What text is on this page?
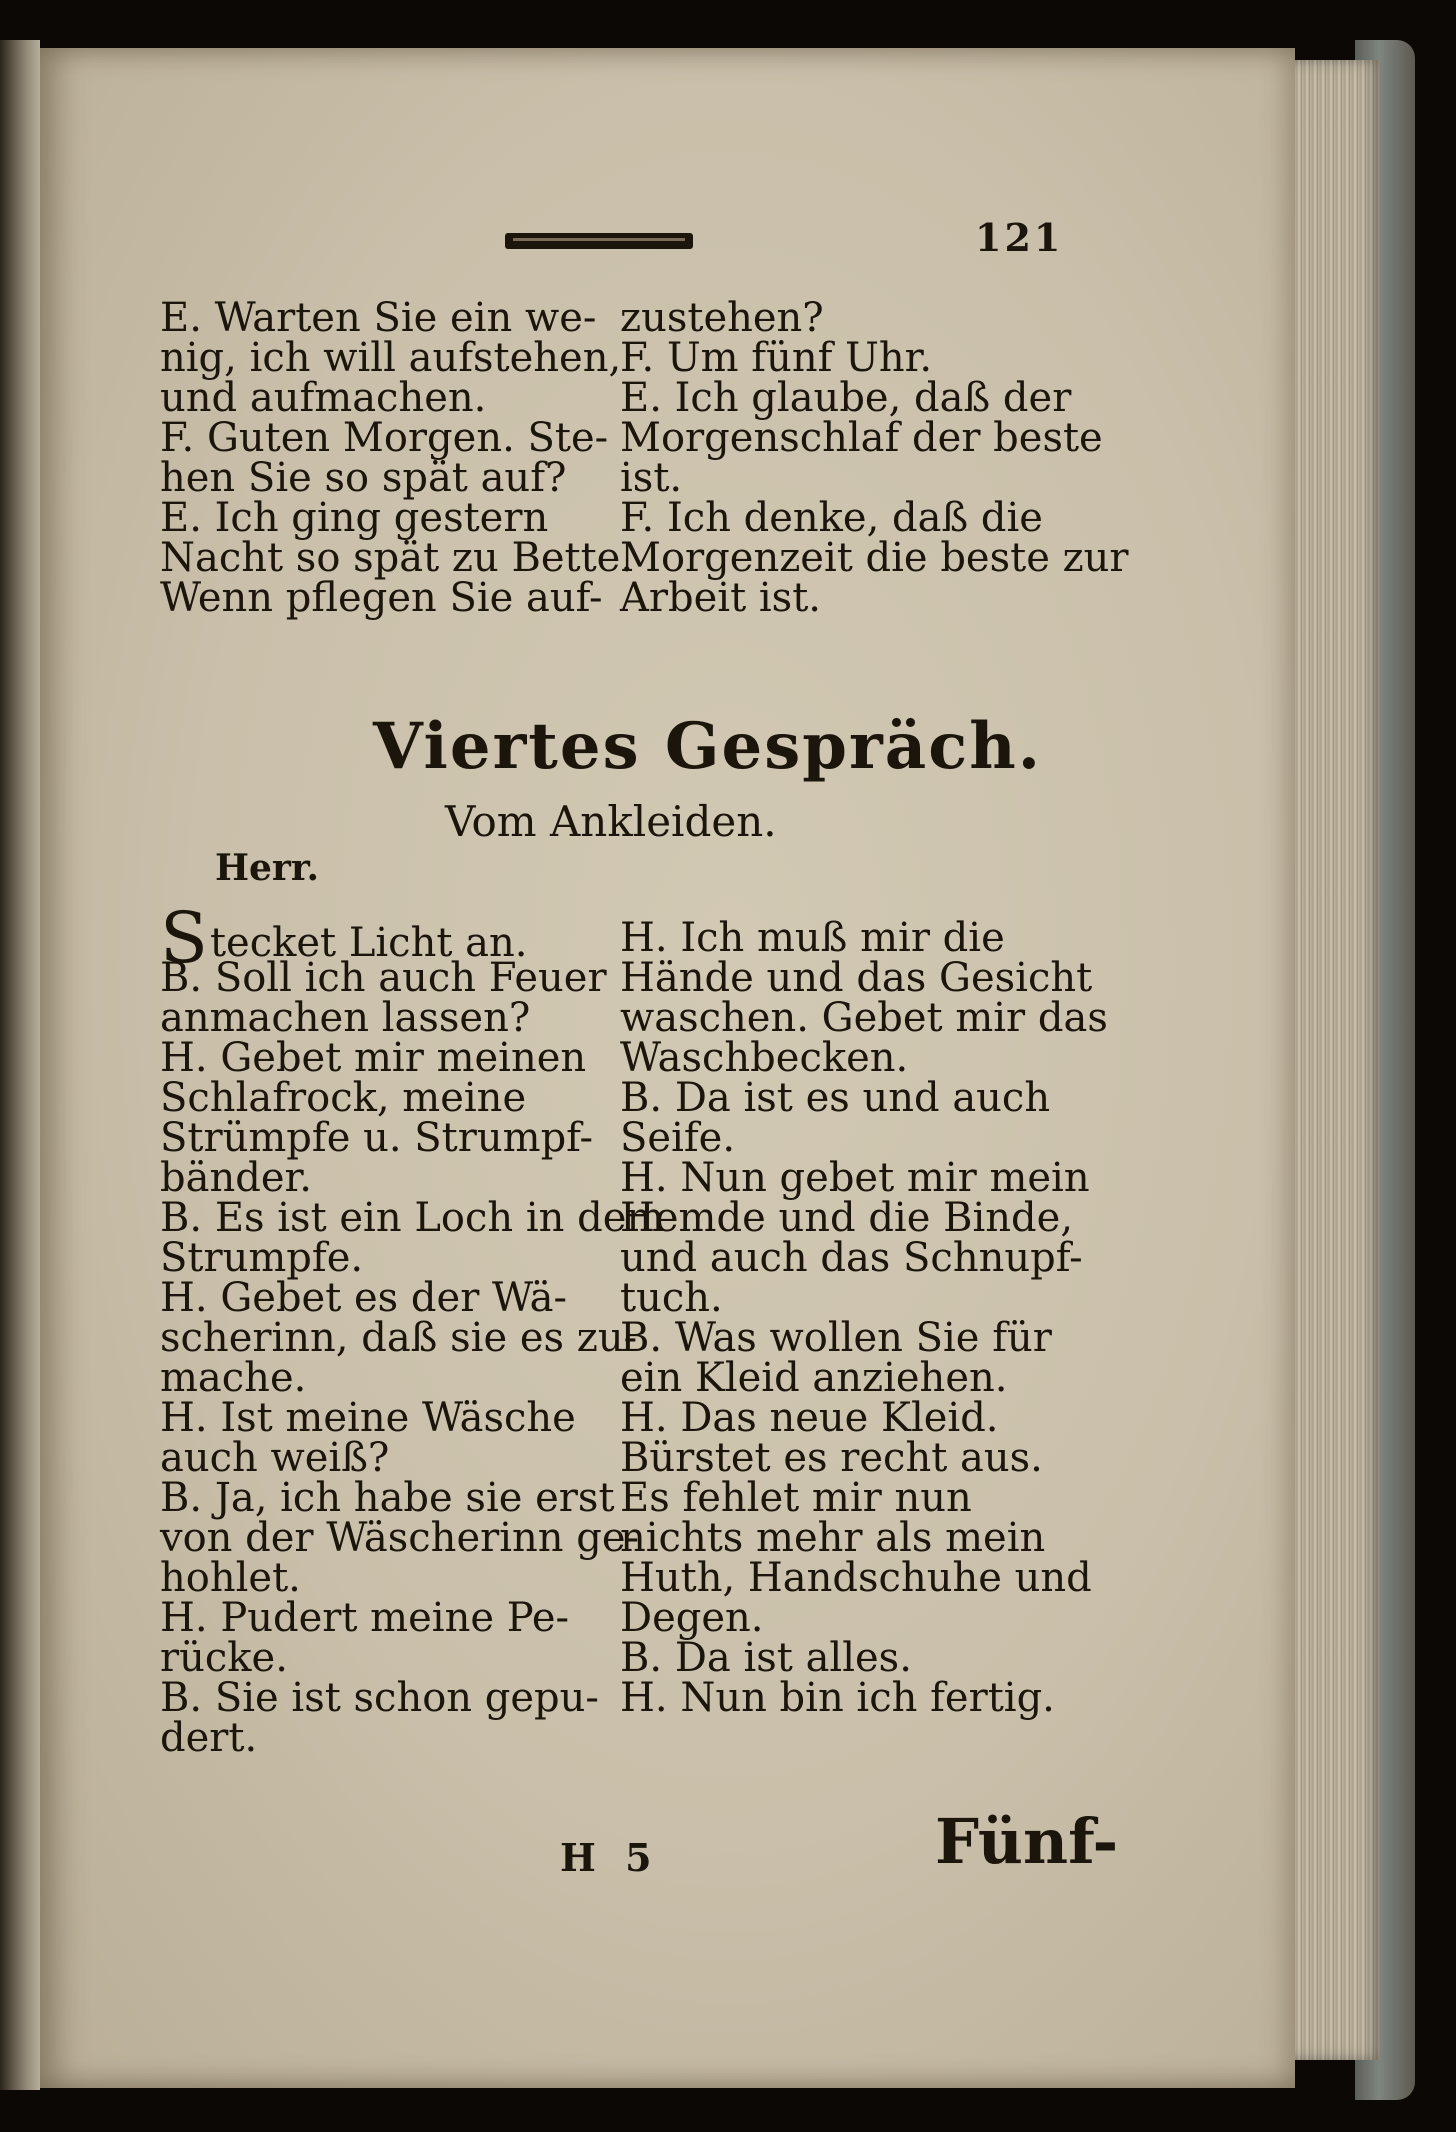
121
E. Warten Sie ein we-
nig, ich will aufstehen,
und aufmachen.
F. Guten Morgen. Ste-
hen Sie so spät auf?
E. Ich ging gestern
Nacht so spät zu Bette.
Wenn pflegen Sie auf-
zustehen?
F. Um fünf Uhr.
E. Ich glaube, daß der
Morgenschlaf der beste
ist.
F. Ich denke, daß die
Morgenzeit die beste zur
Arbeit ist.
Viertes Gespräch.
Vom Ankleiden.
Herr.
Stecket Licht an.
B. Soll ich auch Feuer
anmachen lassen?
H. Gebet mir meinen
Schlafrock, meine
Strümpfe u. Strumpf-
bänder.
B. Es ist ein Loch in dem
Strumpfe.
H. Gebet es der Wä-
scherinn, daß sie es zu-
mache.
H. Ist meine Wäsche
auch weiß?
B. Ja, ich habe sie erst
von der Wäscherinn ge-
hohlet.
H. Pudert meine Pe-
rücke.
B. Sie ist schon gepu-
dert.
H. Ich muß mir die
Hände und das Gesicht
waschen. Gebet mir das
Waschbecken.
B. Da ist es und auch
Seife.
H. Nun gebet mir mein
Hemde und die Binde,
und auch das Schnupf-
tuch.
B. Was wollen Sie für
ein Kleid anziehen.
H. Das neue Kleid.
Bürstet es recht aus.
Es fehlet mir nun
nichts mehr als mein
Huth, Handschuhe und
Degen.
B. Da ist alles.
H. Nun bin ich fertig.
H 5	Fünf-
